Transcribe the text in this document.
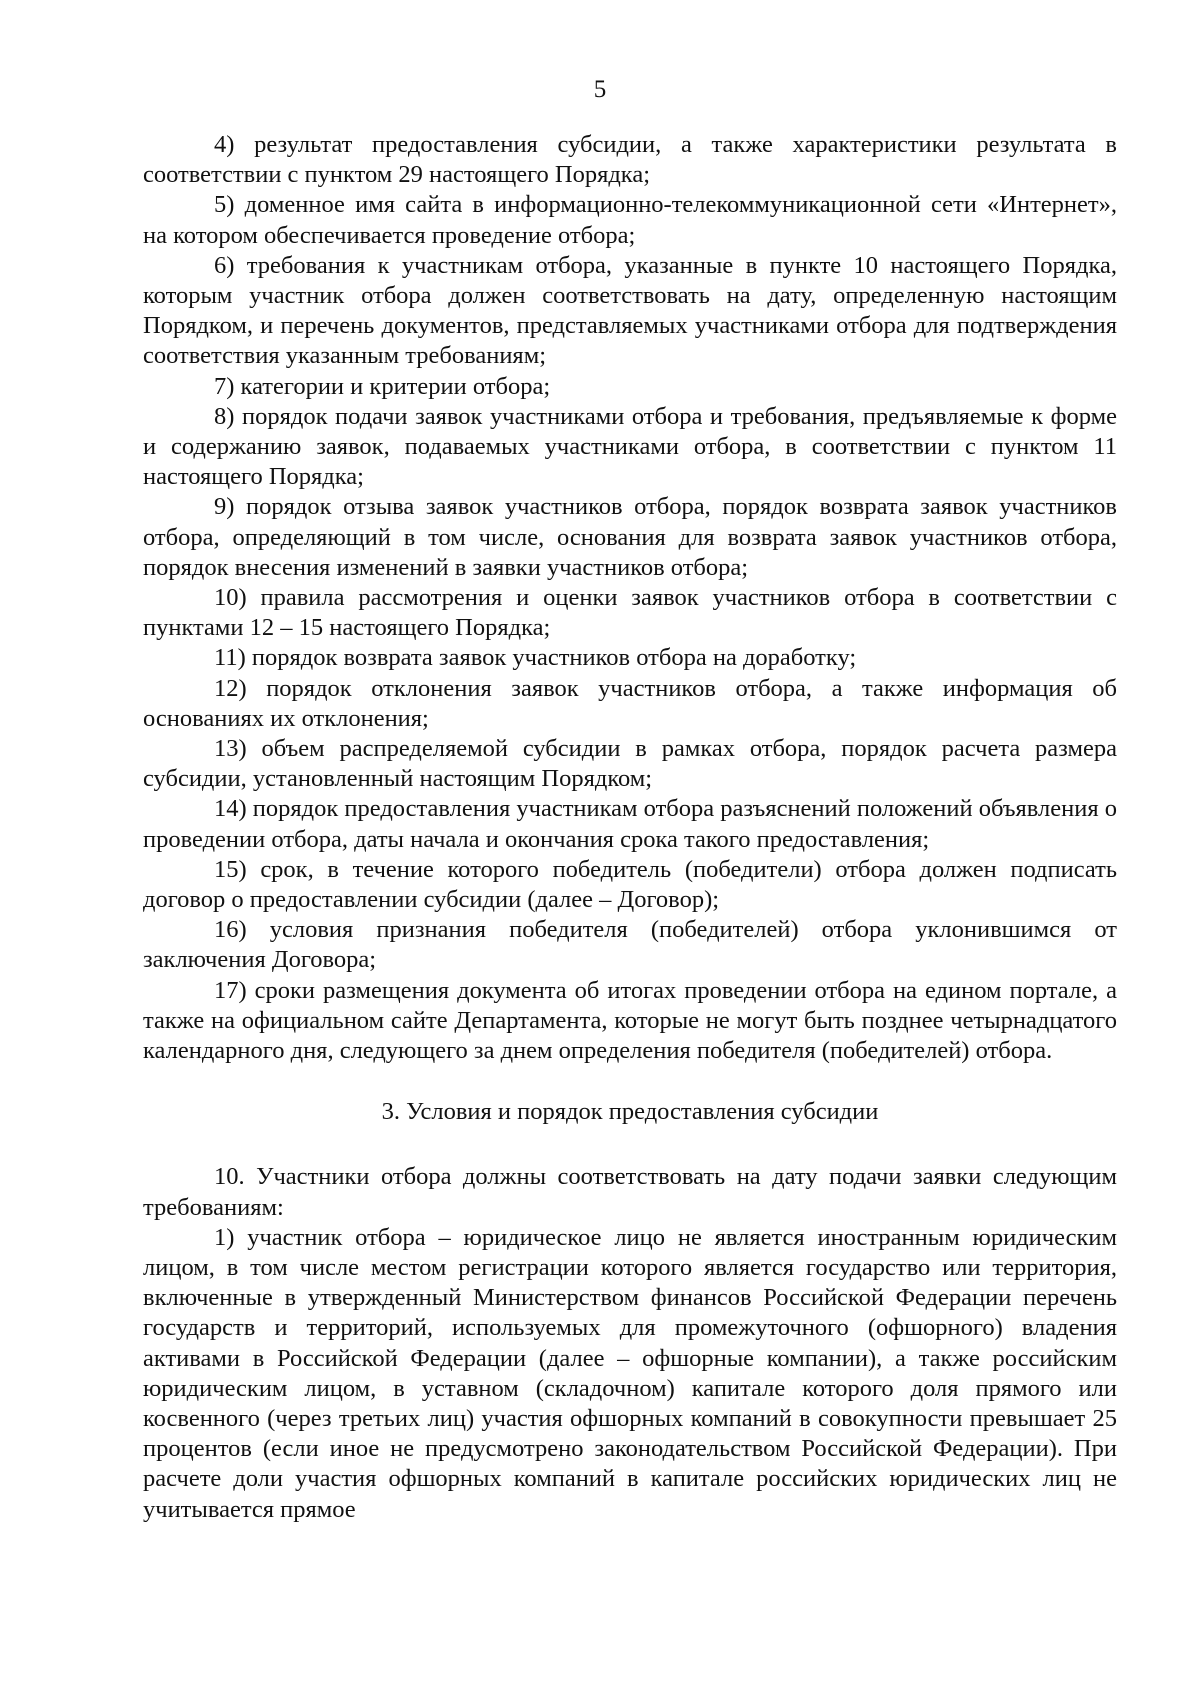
5

4) результат предоставления субсидии, а также характеристики результата в соответствии с пунктом 29 настоящего Порядка;

5) доменное имя сайта в информационно-телекоммуникационной сети «Интернет», на котором обеспечивается проведение отбора;

6) требования к участникам отбора, указанные в пункте 10 настоящего Порядка, которым участник отбора должен соответствовать на дату, определенную настоящим Порядком, и перечень документов, представляемых участниками отбора для подтверждения соответствия указанным требованиям;

7) категории и критерии отбора;

8) порядок подачи заявок участниками отбора и требования, предъявляемые к форме и содержанию заявок, подаваемых участниками отбора, в соответствии с пунктом 11 настоящего Порядка;

9) порядок отзыва заявок участников отбора, порядок возврата заявок участников отбора, определяющий в том числе, основания для возврата заявок участников отбора, порядок внесения изменений в заявки участников отбора;

10) правила рассмотрения и оценки заявок участников отбора в соответствии с пунктами 12 – 15 настоящего Порядка;

11) порядок возврата заявок участников отбора на доработку;

12) порядок отклонения заявок участников отбора, а также информация об основаниях их отклонения;

13) объем распределяемой субсидии в рамках отбора, порядок расчета размера субсидии, установленный настоящим Порядком;

14) порядок предоставления участникам отбора разъяснений положений объявления о проведении отбора, даты начала и окончания срока такого предоставления;

15) срок, в течение которого победитель (победители) отбора должен подписать договор о предоставлении субсидии (далее – Договор);

16) условия признания победителя (победителей) отбора уклонившимся от заключения Договора;

17) сроки размещения документа об итогах проведении отбора на едином портале, а также на официальном сайте Департамента, которые не могут быть позднее четырнадцатого календарного дня, следующего за днем определения победителя (победителей) отбора.

3. Условия и порядок предоставления субсидии

10. Участники отбора должны соответствовать на дату подачи заявки следующим требованиям:

1) участник отбора – юридическое лицо не является иностранным юридическим лицом, в том числе местом регистрации которого является государство или территория, включенные в утвержденный Министерством финансов Российской Федерации перечень государств и территорий, используемых для промежуточного (офшорного) владения активами в Российской Федерации (далее – офшорные компании), а также российским юридическим лицом, в уставном (складочном) капитале которого доля прямого или косвенного (через третьих лиц) участия офшорных компаний в совокупности превышает 25 процентов (если иное не предусмотрено законодательством Российской Федерации). При расчете доли участия офшорных компаний в капитале российских юридических лиц не учитывается прямое
